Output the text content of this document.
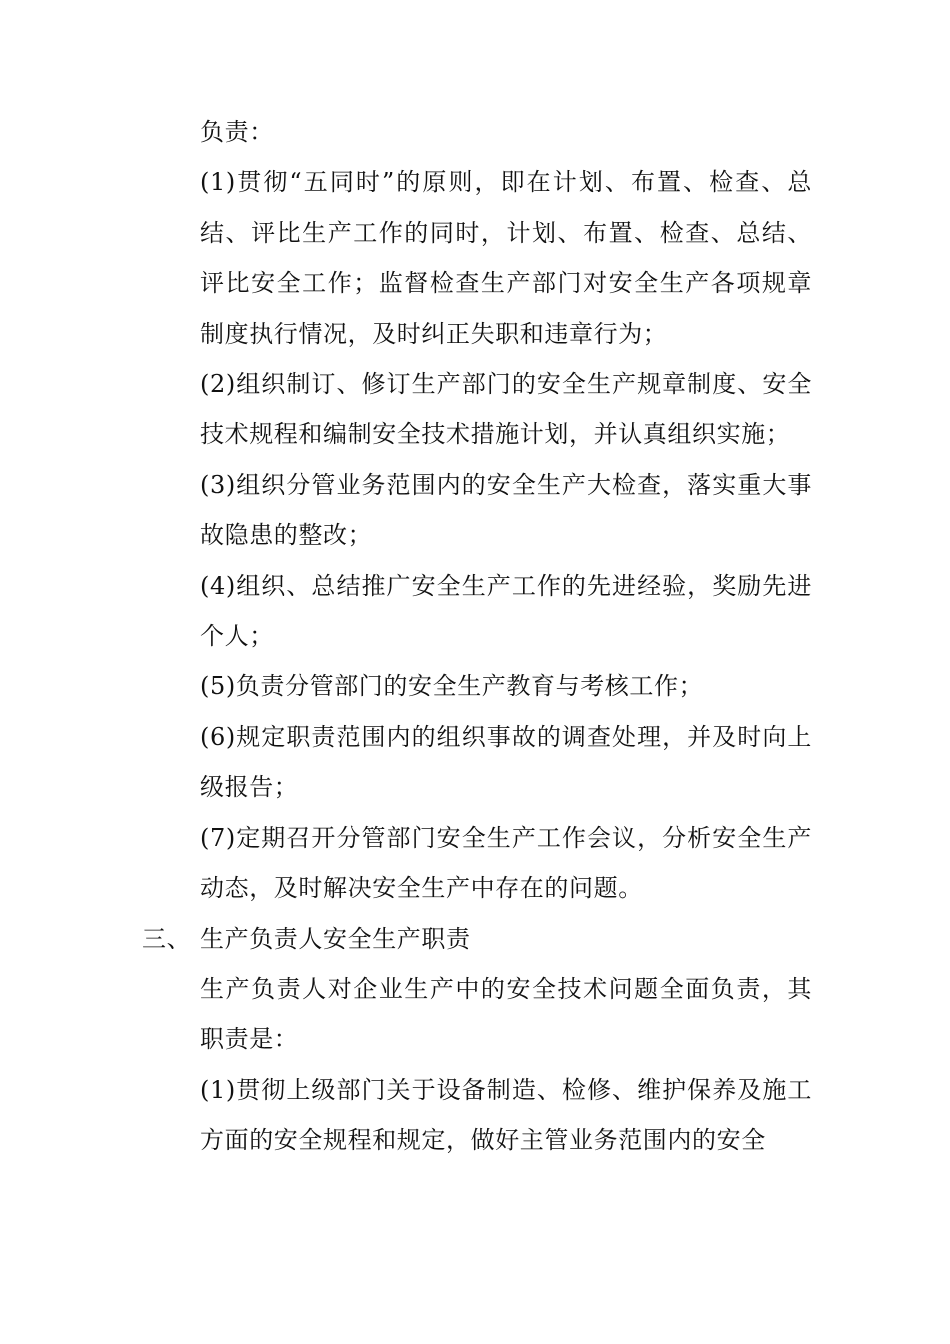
负责：

(1)贯彻“五同时”的原则，即在计划、布置、检查、总结、评比生产工作的同时，计划、布置、检查、总结、评比安全工作；监督检查生产部门对安全生产各项规章制度执行情况，及时纠正失职和违章行为；

(2)组织制订、修订生产部门的安全生产规章制度、安全技术规程和编制安全技术措施计划，并认真组织实施；

(3)组织分管业务范围内的安全生产大检查，落实重大事故隐患的整改；

(4)组织、总结推广安全生产工作的先进经验，奖励先进个人；

(5)负责分管部门的安全生产教育与考核工作；

(6)规定职责范围内的组织事故的调查处理，并及时向上级报告；

(7)定期召开分管部门安全生产工作会议，分析安全生产动态，及时解决安全生产中存在的问题。

三、 生产负责人安全生产职责

生产负责人对企业生产中的安全技术问题全面负责，其职责是：

(1)贯彻上级部门关于设备制造、检修、维护保养及施工方面的安全规程和规定，做好主管业务范围内的安全
